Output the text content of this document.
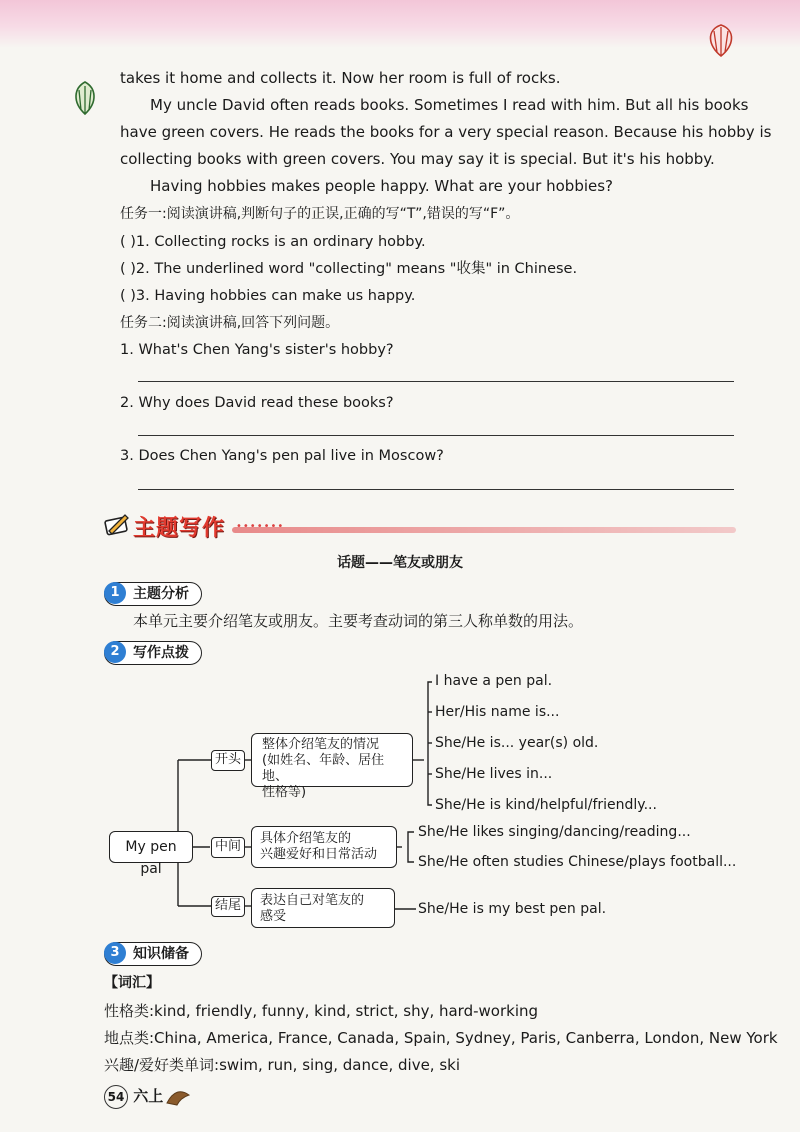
takes it home and collects it. Now her room is full of rocks.
My uncle David often reads books. Sometimes I read with him. But all his books
have green covers. He reads the books for a very special reason. Because his hobby is
collecting books with green covers. You may say it is special. But it's his hobby.
Having hobbies makes people happy. What are your hobbies?
任务一:阅读演讲稿,判断句子的正误,正确的写“T”,错误的写“F”。
( )1. Collecting rocks is an ordinary hobby.
( )2. The underlined word "collecting" means "收集" in Chinese.
( )3. Having hobbies can make us happy.
任务二:阅读演讲稿,回答下列问题。
1. What's Chen Yang's sister's hobby?
2. Why does David read these books?
3. Does Chen Yang's pen pal live in Moscow?
主题写作 •••••••
话题——笔友或朋友
1 主题分析
本单元主要介绍笔友或朋友。主要考查动词的第三人称单数的用法。
2 写作点拨
My pen pal
开头
中间
结尾
整体介绍笔友的情况
(如姓名、年龄、居住地、
性格等)
具体介绍笔友的
兴趣爱好和日常活动
表达自己对笔友的
感受
I have a pen pal.
Her/His name is...
She/He is... year(s) old.
She/He lives in...
She/He is kind/helpful/friendly...
She/He likes singing/dancing/reading...
She/He often studies Chinese/plays football...
She/He is my best pen pal.
3 知识储备
【词汇】
性格类:kind, friendly, funny, kind, strict, shy, hard-working
地点类:China, America, France, Canada, Spain, Sydney, Paris, Canberra, London, New York
兴趣/爱好类单词:swim, run, sing, dance, dive, ski
54 六上
